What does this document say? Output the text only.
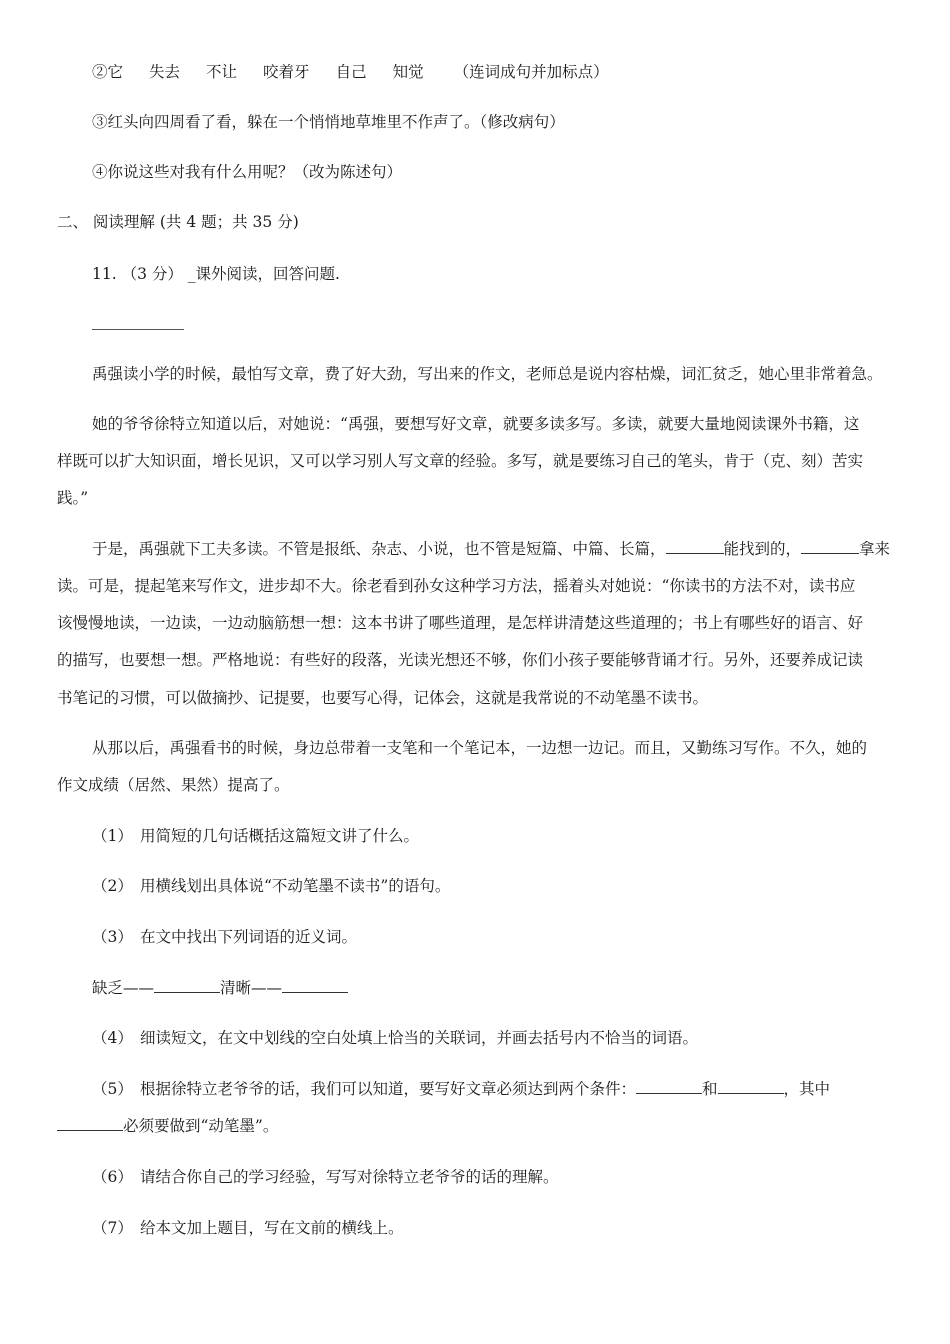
②它 失去 不让 咬着牙 自己 知觉 （连词成句并加标点）
③红头向四周看了看，躲在一个悄悄地草堆里不作声了。（修改病句）
④你说这些对我有什么用呢？（改为陈述句）
二、 阅读理解 (共 4 题；共 35 分)
11. （3 分） _课外阅读，回答问题.
禹强读小学的时候，最怕写文章，费了好大劲，写出来的作文，老师总是说内容枯燥，词汇贫乏，她心里非常着急。
她的爷爷徐特立知道以后，对她说：“禹强，要想写好文章，就要多读多写。多读，就要大量地阅读课外书籍，这
样既可以扩大知识面，增长见识，又可以学习别人写文章的经验。多写，就是要练习自己的笔头，肯于（克、刻）苦实
践。”
于是，禹强就下工夫多读。不管是报纸、杂志、小说，也不管是短篇、中篇、长篇，	能找到的，	拿来
读。可是，提起笔来写作文，进步却不大。徐老看到孙女这种学习方法，摇着头对她说：“你读书的方法不对，读书应
该慢慢地读，一边读，一边动脑筋想一想：这本书讲了哪些道理，是怎样讲清楚这些道理的；书上有哪些好的语言、好
的描写，也要想一想。严格地说：有些好的段落，光读光想还不够，你们小孩子要能够背诵才行。另外，还要养成记读
书笔记的习惯，可以做摘抄、记提要，也要写心得，记体会，这就是我常说的不动笔墨不读书。
从那以后，禹强看书的时候，身边总带着一支笔和一个笔记本，一边想一边记。而且，又勤练习写作。不久，她的
作文成绩（居然、果然）提高了。
（1） 用简短的几句话概括这篇短文讲了什么。
（2） 用横线划出具体说“不动笔墨不读书”的语句。
（3） 在文中找出下列词语的近义词。
缺乏——	清晰——
（4） 细读短文，在文中划线的空白处填上恰当的关联词，并画去括号内不恰当的词语。
（5） 根据徐特立老爷爷的话，我们可以知道，要写好文章必须达到两个条件：	和	，其中
必须要做到“动笔墨”。
（6） 请结合你自己的学习经验，写写对徐特立老爷爷的话的理解。
（7） 给本文加上题目，写在文前的横线上。
